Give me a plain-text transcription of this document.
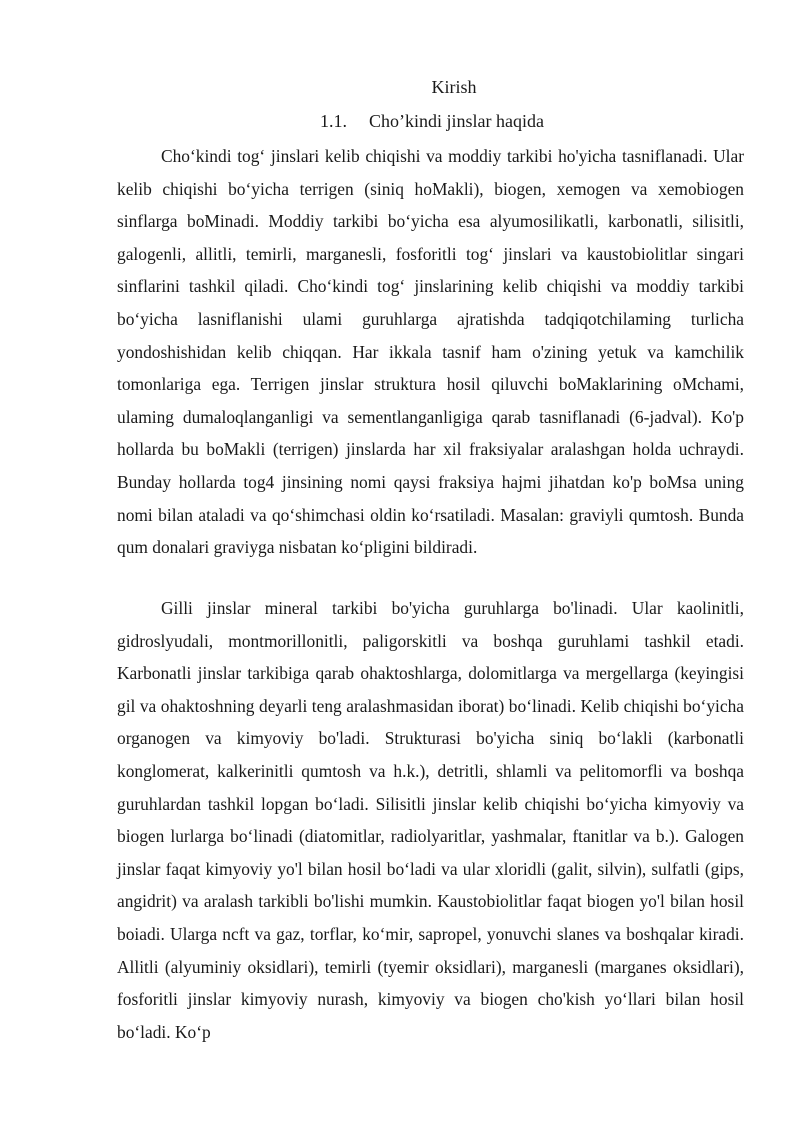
Kirish
1.1. Cho’kindi jinslar haqida

Cho‘kindi tog‘ jinslari kelib chiqishi va moddiy tarkibi ho'yicha tasniflanadi. Ular kelib chiqishi bo‘yicha terrigen (siniq hoMakli), biogen, xemogen va xemobiogen sinflarga boMinadi. Moddiy tarkibi bo‘yicha esa alyumosilikatli, karbonatli, silisitli, galogenli, allitli, temirli, marganesli, fosforitli tog‘ jinslari va kaustobiolitlar singari sinflarini tashkil qiladi. Cho‘kindi tog‘ jinslarining kelib chiqishi va moddiy tarkibi bo‘yicha lasniflanishi ulami guruhlarga ajratishda tadqiqotchilaming turlicha yondoshishidan kelib chiqqan. Har ikkala tasnif ham o'zining yetuk va kamchilik tomonlariga ega. Terrigen jinslar struktura hosil qiluvchi boMaklarining oMchami, ulaming dumaloqlanganligi va sementlanganligiga qarab tasniflanadi (6-jadval). Ko'p hollarda bu boMakli (terrigen) jinslarda har xil fraksiyalar aralashgan holda uchraydi. Bunday hollarda tog4 jinsining nomi qaysi fraksiya hajmi jihatdan ko'p boMsa uning nomi bilan ataladi va qo‘shimchasi oldin ko‘rsatiladi. Masalan: graviyli qumtosh. Bunda qum donalari graviyga nisbatan ko‘pligini bildiradi.

Gilli jinslar mineral tarkibi bo'yicha guruhlarga bo'linadi. Ular kaolinitli, gidroslyudali, montmorillonitli, paligorskitli va boshqa guruhlami tashkil etadi. Karbonatli jinslar tarkibiga qarab ohaktoshlarga, dolomitlarga va mergellarga (keyingisi gil va ohaktoshning deyarli teng aralashmasidan iborat) bo‘linadi. Kelib chiqishi bo‘yicha organogen va kimyoviy bo'ladi. Strukturasi bo'yicha siniq bo‘lakli (karbonatli konglomerat, kalkerinitli qumtosh va h.k.), detritli, shlamli va pelitomorfli va boshqa guruhlardan tashkil lopgan bo‘ladi. Silisitli jinslar kelib chiqishi bo‘yicha kimyoviy va biogen lurlarga bo‘linadi (diatomitlar, radiolyaritlar, yashmalar, ftanitlar va b.). Galogen jinslar faqat kimyoviy yo'l bilan hosil bo‘ladi va ular xloridli (galit, silvin), sulfatli (gips, angidrit) va aralash tarkibli bo'lishi mumkin. Kaustobiolitlar faqat biogen yo'l bilan hosil boiadi. Ularga ncft va gaz, torflar, ko‘mir, sapropel, yonuvchi slanes va boshqalar kiradi. Allitli (alyuminiy oksidlari), temirli (tyemir oksidlari), marganesli (marganes oksidlari), fosforitli jinslar kimyoviy nurash, kimyoviy va biogen cho'kish yo‘llari bilan hosil bo‘ladi. Ko‘p
